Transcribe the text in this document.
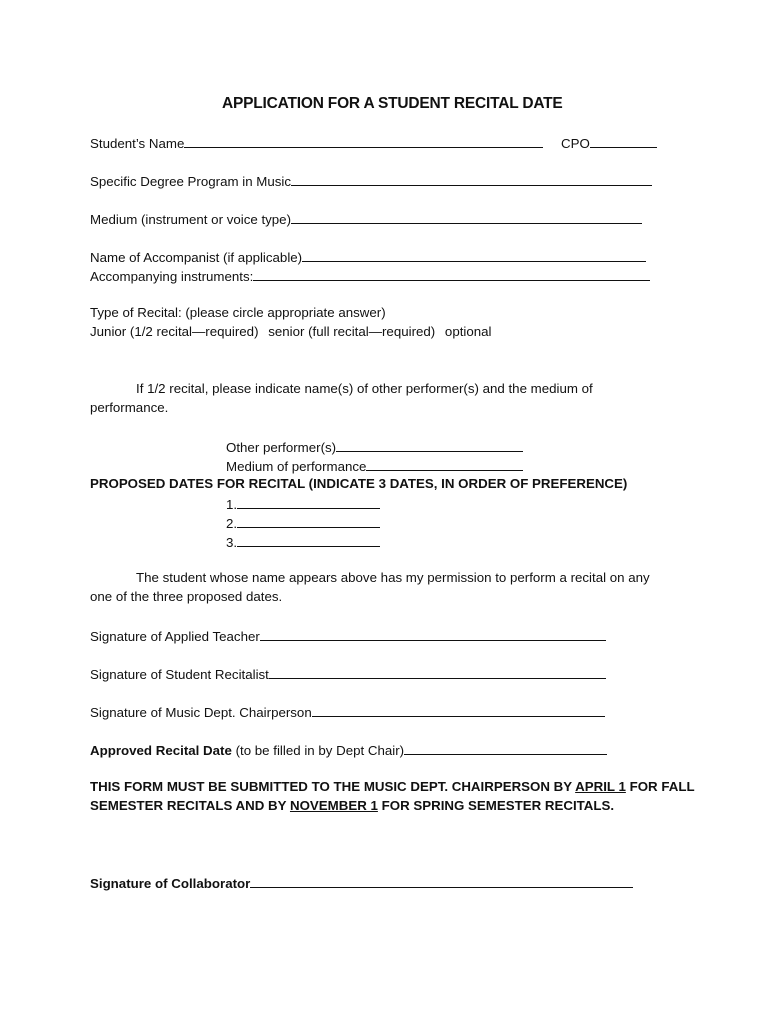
APPLICATION FOR A STUDENT RECITAL DATE
Student’s Name	CPO
Specific Degree Program in Music
Medium (instrument or voice type)
Name of Accompanist (if applicable)
Accompanying instruments:
Type of Recital: (please circle appropriate answer)
Junior (1/2 recital—required) senior (full recital—required) optional
If 1/2 recital, please indicate name(s) of other performer(s) and the medium of
performance.
Other performer(s)
Medium of performance
PROPOSED DATES FOR RECITAL (INDICATE 3 DATES, IN ORDER OF PREFERENCE)
1.
2.
3.
The student whose name appears above has my permission to perform a recital on any
one of the three proposed dates.
Signature of Applied Teacher
Signature of Student Recitalist
Signature of Music Dept. Chairperson
Approved Recital Date (to be filled in by Dept Chair)
THIS FORM MUST BE SUBMITTED TO THE MUSIC DEPT. CHAIRPERSON BY APRIL 1 FOR FALL
SEMESTER RECITALS AND BY NOVEMBER 1 FOR SPRING SEMESTER RECITALS.
Signature of Collaborator
